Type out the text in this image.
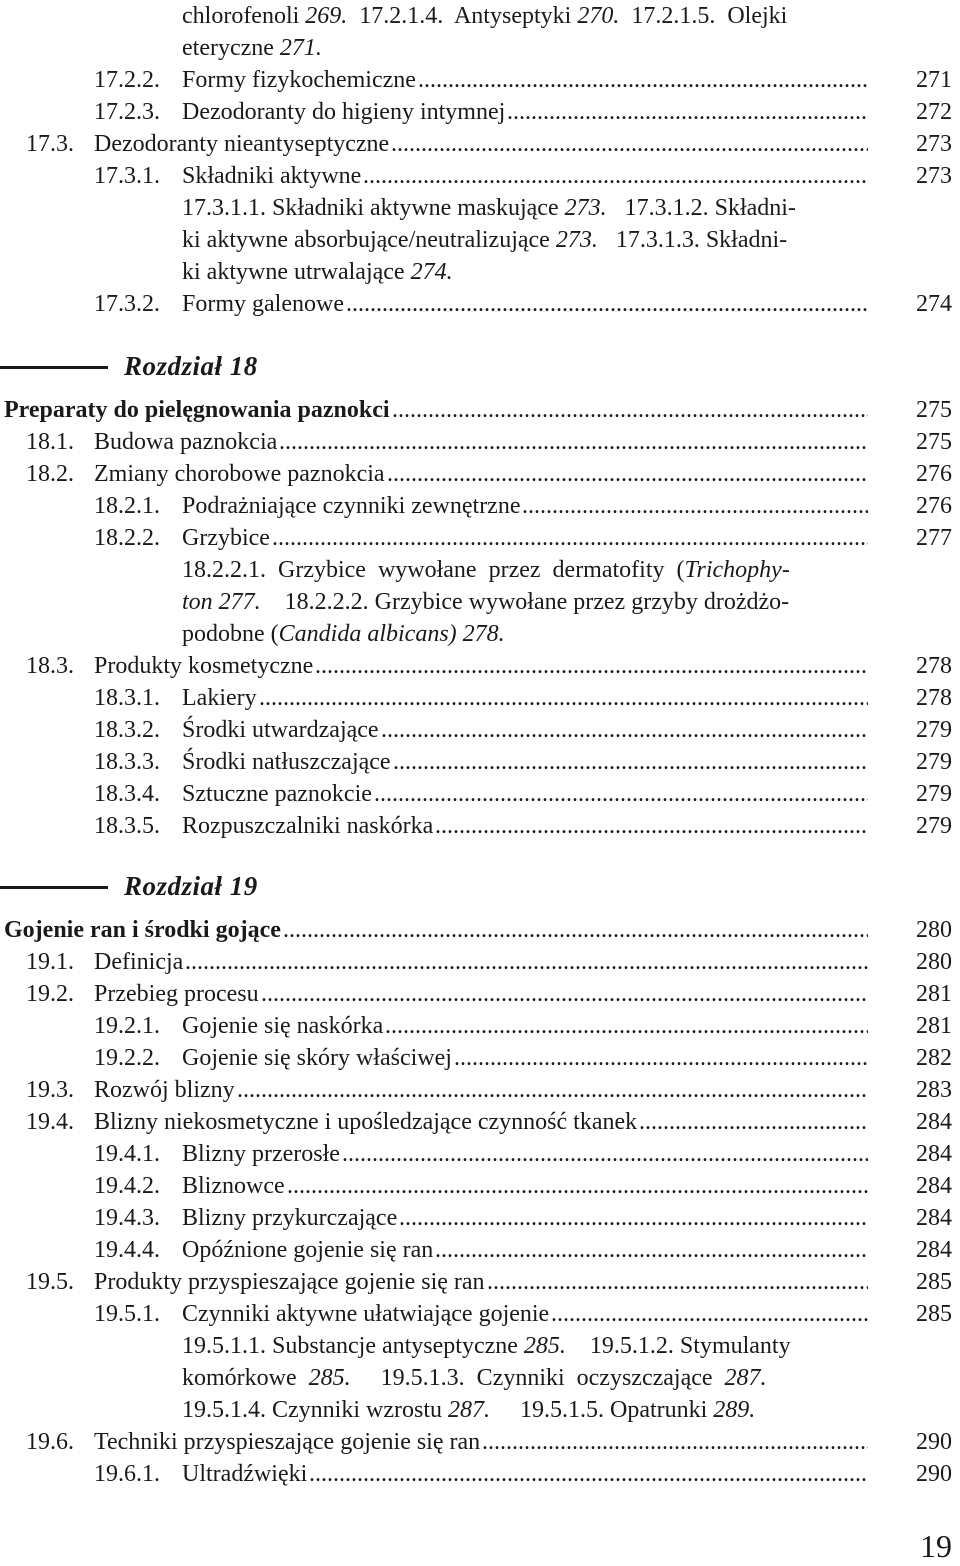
chlorofenoli 269.  17.2.1.4.  Antyseptyki 270.  17.2.1.5.  Olejki
eteryczne 271.
17.2.2. Formy fizykochemiczne .....	271
17.2.3. Dezodoranty do higieny intymnej .....	272
17.3. Dezodoranty nieantyseptyczne .....	273
17.3.1. Składniki aktywne .....	273
17.3.1.1. Składniki aktywne maskujące 273.   17.3.1.2. Składni-
ki aktywne absorbujące/neutralizujące 273.   17.3.1.3. Składni-
ki aktywne utrwalające 274.
17.3.2. Formy galenowe .....	274
Rozdział 18
Preparaty do pielęgnowania paznokci .....	275
18.1. Budowa paznokcia .....	275
18.2. Zmiany chorobowe paznokcia .....	276
18.2.1. Podrażniające czynniki zewnętrzne .....	276
18.2.2. Grzybice .....	277
18.2.2.1.  Grzybice  wywołane  przez  dermatofity  (Trichophy-
ton 277.    18.2.2.2. Grzybice wywołane przez grzyby drożdżo-
podobne (Candida albicans) 278.
18.3. Produkty kosmetyczne .....	278
18.3.1. Lakiery .....	278
18.3.2. Środki utwardzające .....	279
18.3.3. Środki natłuszczające .....	279
18.3.4. Sztuczne paznokcie .....	279
18.3.5. Rozpuszczalniki naskórka .....	279
Rozdział 19
Gojenie ran i środki gojące .....	280
19.1. Definicja .....	280
19.2. Przebieg procesu .....	281
19.2.1. Gojenie się naskórka .....	281
19.2.2. Gojenie się skóry właściwej .....	282
19.3. Rozwój blizny .....	283
19.4. Blizny niekosmetyczne i upośledzające czynność tkanek .....	284
19.4.1. Blizny przerosłe .....	284
19.4.2. Bliznowce .....	284
19.4.3. Blizny przykurczające .....	284
19.4.4. Opóźnione gojenie się ran .....	284
19.5. Produkty przyspieszające gojenie się ran .....	285
19.5.1. Czynniki aktywne ułatwiające gojenie .....	285
19.5.1.1. Substancje antyseptyczne 285.    19.5.1.2. Stymulanty
komórkowe  285.     19.5.1.3.  Czynniki  oczyszczające  287.
19.5.1.4. Czynniki wzrostu 287.     19.5.1.5. Opatrunki 289.
19.6. Techniki przyspieszające gojenie się ran .....	290
19.6.1. Ultradźwięki .....	290
19
